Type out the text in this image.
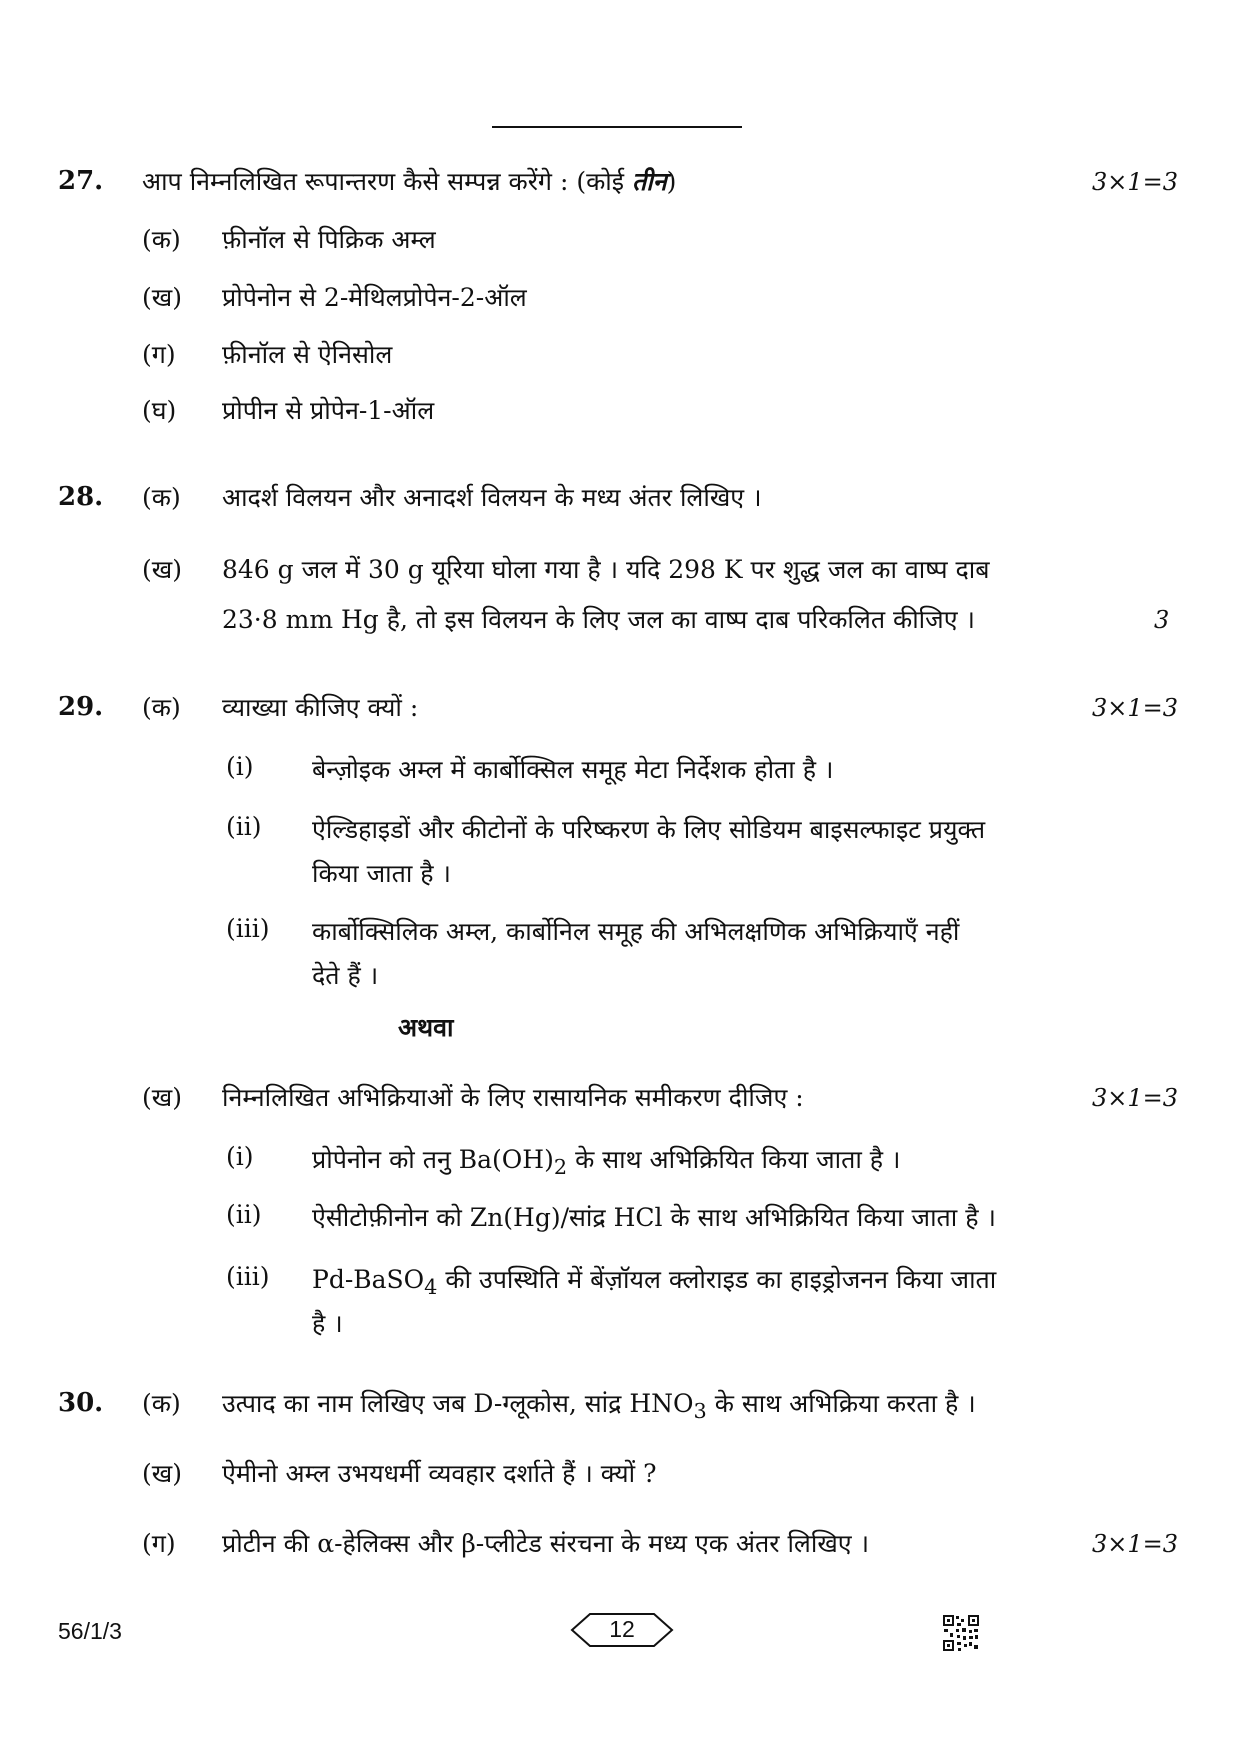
27. आप निम्नलिखित रूपान्तरण कैसे सम्पन्न करेंगे : (कोई तीन)	3×1=3
(क) फ़ीनॉल से पिक्रिक अम्ल
(ख) प्रोपेनोन से 2-मेथिलप्रोपेन-2-ऑल
(ग) फ़ीनॉल से ऐनिसोल
(घ) प्रोपीन से प्रोपेन-1-ऑल
28. (क) आदर्श विलयन और अनादर्श विलयन के मध्य अंतर लिखिए ।
(ख) 846 g जल में 30 g यूरिया घोला गया है । यदि 298 K पर शुद्ध जल का वाष्प दाब
23·8 mm Hg है, तो इस विलयन के लिए जल का वाष्प दाब परिकलित कीजिए ।	3
29. (क) व्याख्या कीजिए क्यों :	3×1=3
(i) बेन्ज़ोइक अम्ल में कार्बोक्सिल समूह मेटा निर्देशक होता है ।
(ii) ऐल्डिहाइडों और कीटोनों के परिष्करण के लिए सोडियम बाइसल्फाइट प्रयुक्त
किया जाता है ।
(iii) कार्बोक्सिलिक अम्ल, कार्बोनिल समूह की अभिलक्षणिक अभिक्रियाएँ नहीं
देते हैं ।
अथवा
(ख) निम्नलिखित अभिक्रियाओं के लिए रासायनिक समीकरण दीजिए :	3×1=3
(i) प्रोपेनोन को तनु $Ba(OH)_2$ के साथ अभिक्रियित किया जाता है ।
(ii) ऐसीटोफ़ीनोन को Zn(Hg)/सांद्र HCl के साथ अभिक्रियित किया जाता है ।
(iii) Pd-BaSO$_4$ की उपस्थिति में बेंज़ॉयल क्लोराइड का हाइड्रोजनन किया जाता
है ।
30. (क) उत्पाद का नाम लिखिए जब D-ग्लूकोस, सांद्र $HNO_3$ के साथ अभिक्रिया करता है ।
(ख) ऐमीनो अम्ल उभयधर्मी व्यवहार दर्शाते हैं । क्यों ?
(ग) प्रोटीन की α-हेलिक्स और β-प्लीटेड संरचना के मध्य एक अंतर लिखिए ।	3×1=3
56/1/3	12
